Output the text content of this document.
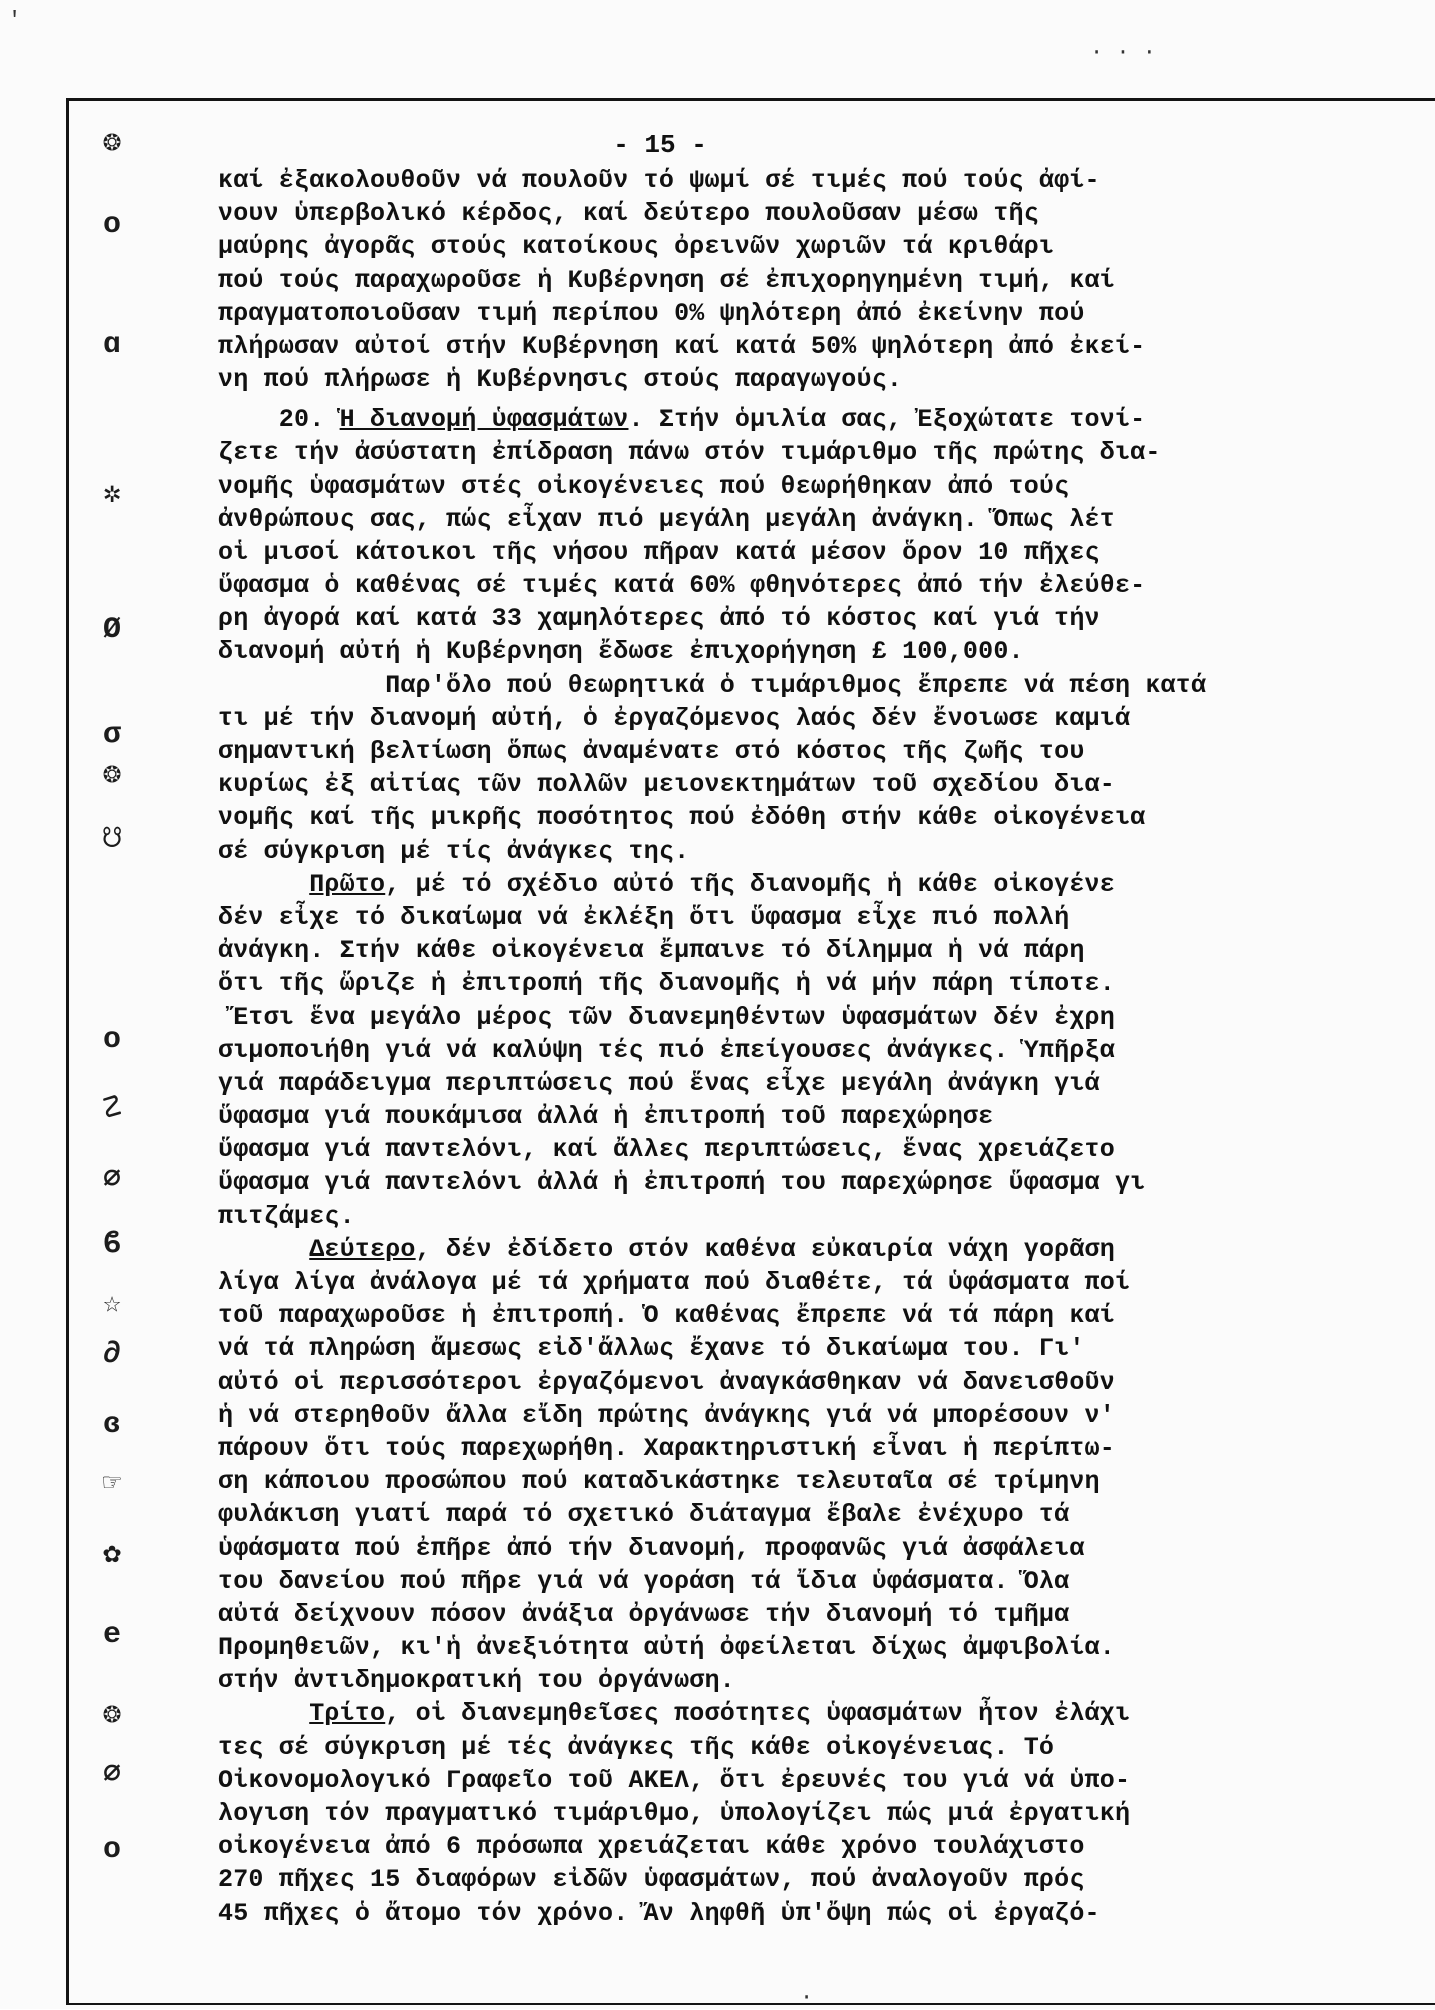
❂
o
ɑ
✲
Ø
σ
❂
☋
o
☡
∅
ϐ
☆
∂
ɞ
☞
✿
e
❂
∅
o
- 15 -
καί ἐξακολουθοῦν νά πουλοῦν τό ψωμί σέ τιμές πού τούς ἀφί-
νουν ὑπερβολικό κέρδος, καί δεύτερο πουλοῦσαν μέσω τῆς
μαύρης ἀγορᾶς στούς κατοίκους ὀρεινῶν χωριῶν τά κριθάρι
πού τούς παραχωροῦσε ἡ Κυβέρνηση σέ ἐπιχορηγημένη τιμή, καί
πραγματοποιοῦσαν τιμή περίπου 0% ψηλότερη ἀπό ἐκείνην πού
πλήρωσαν αὐτοί στήν Κυβέρνηση καί κατά 50% ψηλότερη ἀπό ἐκεί-
νη πού πλήρωσε ἡ Κυβέρνησις στούς παραγωγούς.
20. Ἡ διανομή ὑφασμάτων. Στήν ὁμιλία σας, Ἐξοχώτατε τονί-
ζετε τήν ἀσύστατη ἐπίδραση πάνω στόν τιμάριθμο τῆς πρώτης δια-
νομῆς ὑφασμάτων στές οἰκογένειες πού θεωρήθηκαν ἀπό τούς
ἀνθρώπους σας, πώς εἶχαν πιό μεγάλη μεγάλη ἀνάγκη. Ὅπως λέτ
οἱ μισοί κάτοικοι τῆς νήσου πῆραν κατά μέσον ὅρον 10 πῆχες
ὕφασμα ὁ καθένας σέ τιμές κατά 60% φθηνότερες ἀπό τήν ἐλεύθε-
ρη ἀγορά καί κατά 33 χαμηλότερες ἀπό τό κόστος καί γιά τήν
διανομή αὐτή ἡ Κυβέρνηση ἔδωσε ἐπιχορήγηση £ 100,000.
Παρ'ὅλο πού θεωρητικά ὁ τιμάριθμος ἔπρεπε νά πέση κατά
τι μέ τήν διανομή αὐτή, ὁ ἐργαζόμενος λαός δέν ἔνοιωσε καμιά
σημαντική βελτίωση ὅπως ἀναμένατε στό κόστος τῆς ζωῆς του
κυρίως ἐξ αἰτίας τῶν πολλῶν μειονεκτημάτων τοῦ σχεδίου δια-
νομῆς καί τῆς μικρῆς ποσότητος πού ἐδόθη στήν κάθε οἰκογένεια
σέ σύγκριση μέ τίς ἀνάγκες της.
Πρῶτο, μέ τό σχέδιο αὐτό τῆς διανομῆς ἡ κάθε οἰκογένε
δέν εἶχε τό δικαίωμα νά ἐκλέξη ὅτι ὕφασμα εἶχε πιό πολλή
ἀνάγκη. Στήν κάθε οἰκογένεια ἔμπαινε τό δίλημμα ἡ νά πάρη
ὅτι τῆς ὥριζε ἡ ἐπιτροπή τῆς διανομῆς ἡ νά μήν πάρη τίποτε.
Ἔτσι ἕνα μεγάλο μέρος τῶν διανεμηθέντων ὑφασμάτων δέν ἐχρη
σιμοποιήθη γιά νά καλύψη τές πιό ἐπείγουσες ἀνάγκες. Ὑπῆρξα
γιά παράδειγμα περιπτώσεις πού ἕνας εἶχε μεγάλη ἀνάγκη γιά
ὕφασμα γιά πουκάμισα ἀλλά ἡ ἐπιτροπή τοῦ παρεχώρησε
ὕφασμα γιά παντελόνι, καί ἄλλες περιπτώσεις, ἕνας χρειάζετο
ὕφασμα γιά παντελόνι ἀλλά ἡ ἐπιτροπή του παρεχώρησε ὕφασμα γι
πιτζάμες.
Δεύτερο, δέν ἐδίδετο στόν καθένα εὐκαιρία νάχη γορᾶση
λίγα λίγα ἀνάλογα μέ τά χρήματα πού διαθέτε, τά ὑφάσματα ποί
τοῦ παραχωροῦσε ἡ ἐπιτροπή. Ὁ καθένας ἔπρεπε νά τά πάρη καί
νά τά πληρώση ἄμεσως εἰδ'ἄλλως ἔχανε τό δικαίωμα του. Γι'
αὐτό οἱ περισσότεροι ἐργαζόμενοι ἀναγκάσθηκαν νά δανεισθοῦν
ἡ νά στερηθοῦν ἄλλα εἴδη πρώτης ἀνάγκης γιά νά μπορέσουν ν'
πάρουν ὅτι τούς παρεχωρήθη. Χαρακτηριστική εἶναι ἡ περίπτω-
ση κάποιου προσώπου πού καταδικάστηκε τελευταῖα σέ τρίμηνη
φυλάκιση γιατί παρά τό σχετικό διάταγμα ἔβαλε ἐνέχυρο τά
ὑφάσματα πού ἐπῆρε ἀπό τήν διανομή, προφανῶς γιά ἀσφάλεια
του δανείου πού πῆρε γιά νά γοράση τά ἴδια ὑφάσματα. Ὅλα
αὐτά δείχνουν πόσον ἀνάξια ὀργάνωσε τήν διανομή τό τμῆμα
Προμηθειῶν, κι'ἡ ἀνεξιότητα αὐτή ὀφείλεται δίχως ἀμφιβολία.
στήν ἀντιδημοκρατική του ὀργάνωση.
Τρίτο, οἱ διανεμηθεῖσες ποσότητες ὑφασμάτων ἦτον ἐλάχι
τες σέ σύγκριση μέ τές ἀνάγκες τῆς κάθε οἰκογένειας. Τό
Οἰκονομολογικό Γραφεῖο τοῦ ΑΚΕΛ, ὅτι ἐρευνές του γιά νά ὑπο-
λογιση τόν πραγματικό τιμάριθμο, ὑπολογίζει πώς μιά ἐργατική
οἰκογένεια ἀπό 6 πρόσωπα χρειάζεται κάθε χρόνο τουλάχιστο
270 πῆχες 15 διαφόρων εἰδῶν ὑφασμάτων, πού ἀναλογοῦν πρός
45 πῆχες ὁ ἄτομο τόν χρόνο. Ἄν ληφθῆ ὑπ'ὄψη πώς οἱ ἐργαζό-
ʹ
· · ·
·
